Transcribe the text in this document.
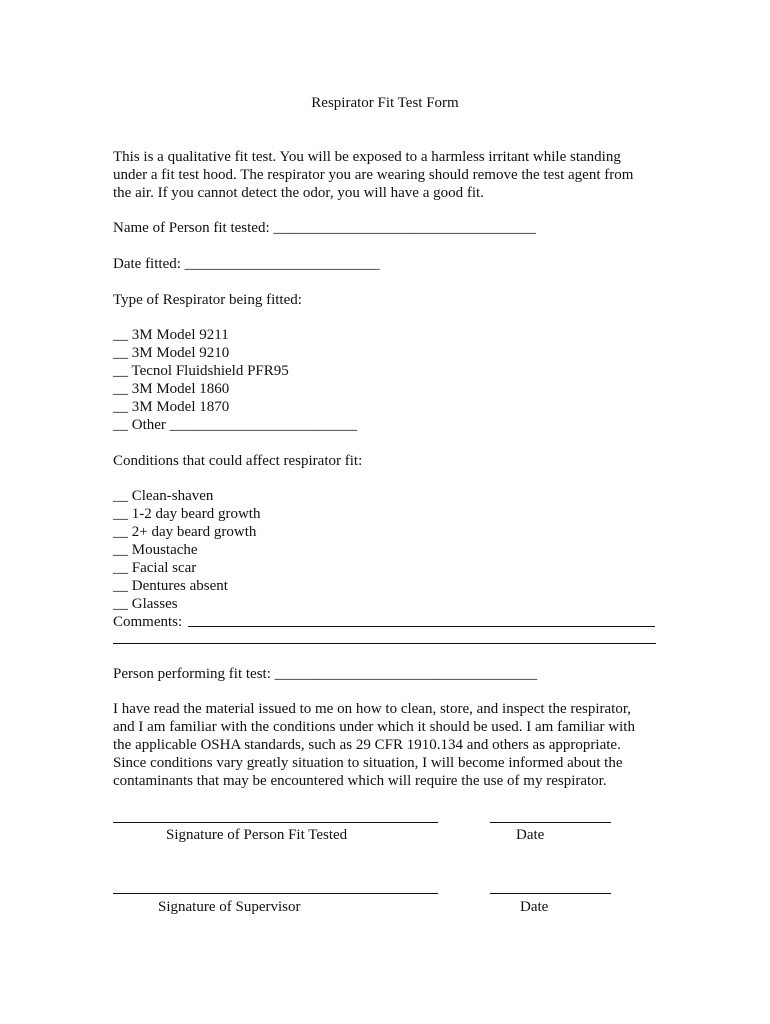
Respirator Fit Test Form
This is a qualitative fit test. You will be exposed to a harmless irritant while standing
under a fit test hood. The respirator you are wearing should remove the test agent from
the air. If you cannot detect the odor, you will have a good fit.
Name of Person fit tested: ___________________________________
Date fitted: __________________________
Type of Respirator being fitted:
__ 3M Model 9211
__ 3M Model 9210
__ Tecnol Fluidshield PFR95
__ 3M Model 1860
__ 3M Model 1870
__ Other _________________________
Conditions that could affect respirator fit:
__ Clean-shaven
__ 1-2 day beard growth
__ 2+ day beard growth
__ Moustache
__ Facial scar
__ Dentures absent
__ Glasses
Comments:
Person performing fit test: ___________________________________
I have read the material issued to me on how to clean, store, and inspect the respirator,
and I am familiar with the conditions under which it should be used. I am familiar with
the applicable OSHA standards, such as 29 CFR 1910.134 and others as appropriate.
Since conditions vary greatly situation to situation, I will become informed about the
contaminants that may be encountered which will require the use of my respirator.
Signature of Person Fit Tested	Date
Signature of Supervisor	Date
